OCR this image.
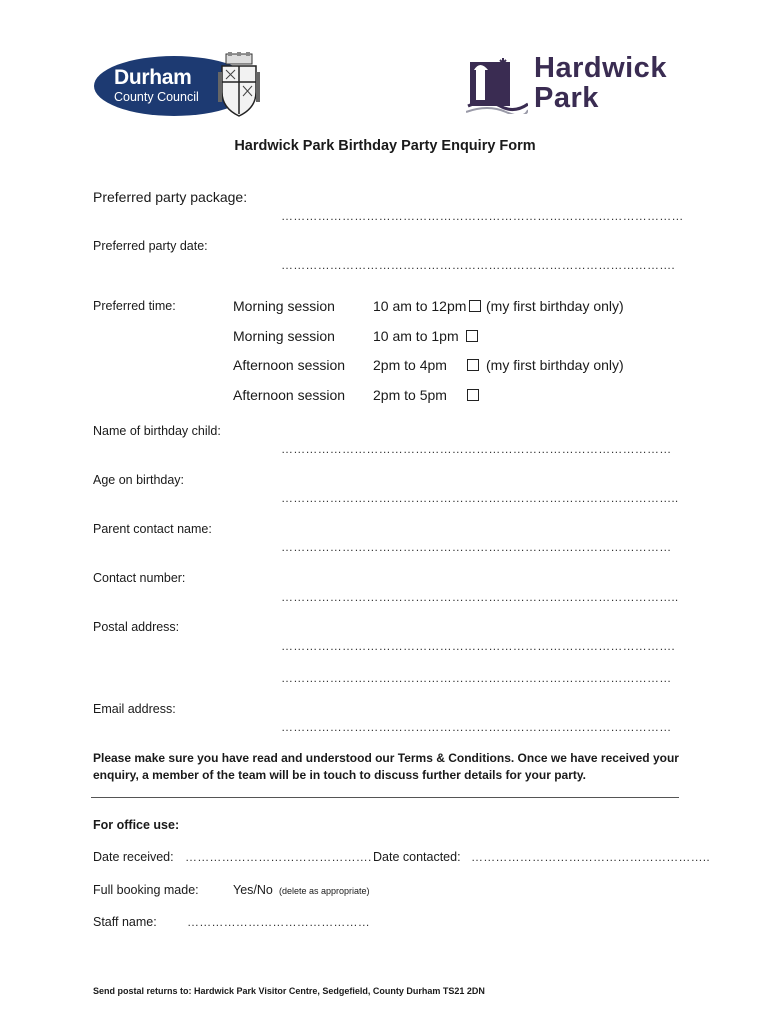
Durham
County Council
Hardwick
Park
Hardwick Park Birthday Party Enquiry Form
Preferred party package:
………………………………………………………………………………………
Preferred party date:
…………………………………………………………………………………….
Preferred time:	Morning session	10 am to 12pm (my first birthday only)
Morning session	10 am to 1pm
Afternoon session 2pm to 4pm	(my first birthday only)
Afternoon session 2pm to 5pm
Name of birthday child:
……………………………………………………………………………………
Age on birthday:
……………………………………………………………………………………..
Parent contact name:
……………………………………………………………………………………
Contact number:
……………………………………………………………………………………..
Postal address:
…………………………………………………………………………………….
……………………………………………………………………………………
Email address:
……………………………………………………………………………………
Please make sure you have read and understood our Terms & Conditions. Once we have received your enquiry, a member of the team will be in touch to discuss further details for your party.
For office use:
Date received: ………………………………………. Date contacted: …………………………………………………..
Full booking made:	Yes/No (delete as appropriate)
Staff name:	………………………………………
Send postal returns to: Hardwick Park Visitor Centre, Sedgefield, County Durham TS21 2DN
